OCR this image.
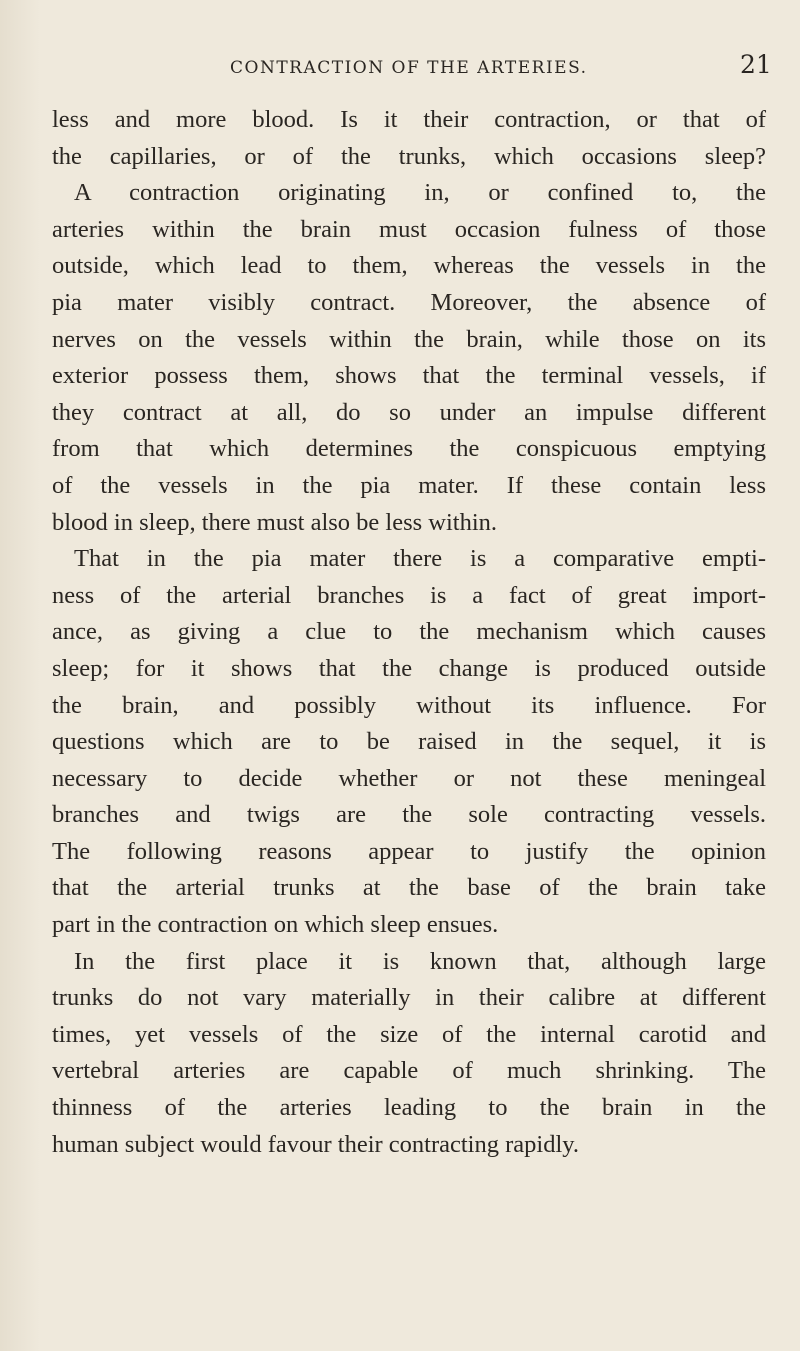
CONTRACTION OF THE ARTERIES.	21
less and more blood. Is it their contraction, or that of
the capillaries, or of the trunks, which occasions sleep?
A contraction originating in, or confined to, the
arteries within the brain must occasion fulness of those
outside, which lead to them, whereas the vessels in the
pia mater visibly contract. Moreover, the absence of
nerves on the vessels within the brain, while those on its
exterior possess them, shows that the terminal vessels, if
they contract at all, do so under an impulse different
from that which determines the conspicuous emptying
of the vessels in the pia mater. If these contain less
blood in sleep, there must also be less within.
That in the pia mater there is a comparative empti-
ness of the arterial branches is a fact of great import-
ance, as giving a clue to the mechanism which causes
sleep; for it shows that the change is produced outside
the brain, and possibly without its influence. For
questions which are to be raised in the sequel, it is
necessary to decide whether or not these meningeal
branches and twigs are the sole contracting vessels.
The following reasons appear to justify the opinion
that the arterial trunks at the base of the brain take
part in the contraction on which sleep ensues.
In the first place it is known that, although large
trunks do not vary materially in their calibre at different
times, yet vessels of the size of the internal carotid and
vertebral arteries are capable of much shrinking. The
thinness of the arteries leading to the brain in the
human subject would favour their contracting rapidly.
